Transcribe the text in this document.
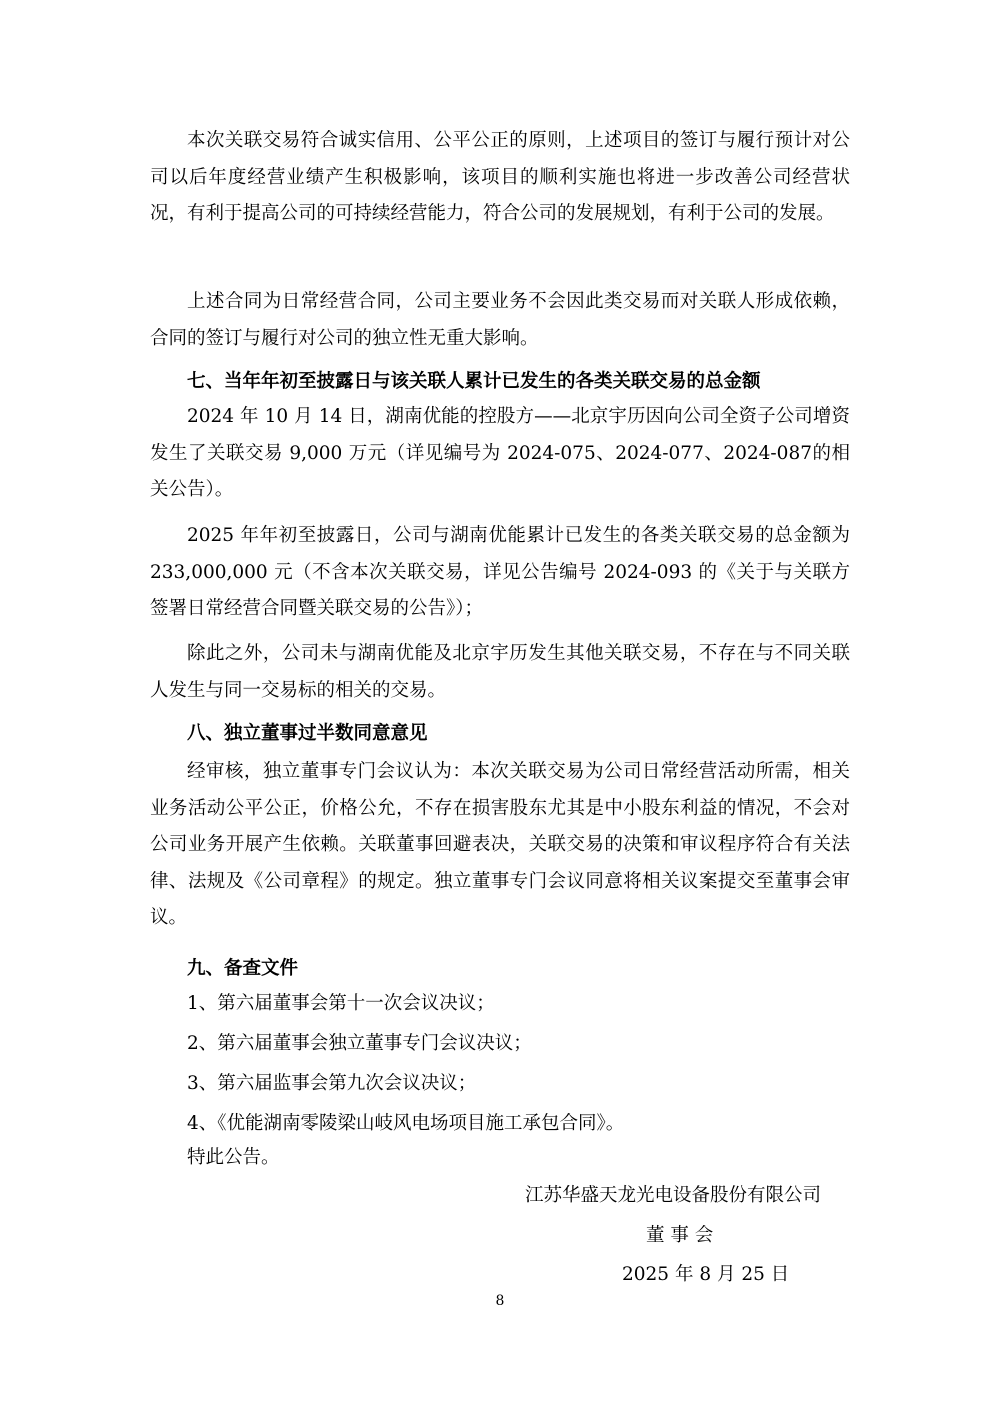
本次关联交易符合诚实信用、公平公正的原则，上述项目的签订与履行预计对公司以后年度经营业绩产生积极影响，该项目的顺利实施也将进一步改善公司经营状况，有利于提高公司的可持续经营能力，符合公司的发展规划，有利于公司的发展。

上述合同为日常经营合同，公司主要业务不会因此类交易而对关联人形成依赖，合同的签订与履行对公司的独立性无重大影响。

七、当年年初至披露日与该关联人累计已发生的各类关联交易的总金额

2024 年 10 月 14 日，湖南优能的控股方——北京宇历因向公司全资子公司增资发生了关联交易 9,000 万元（详见编号为 2024-075、2024-077、2024-087的相关公告）。

2025 年年初至披露日，公司与湖南优能累计已发生的各类关联交易的总金额为 233,000,000 元（不含本次关联交易，详见公告编号 2024-093 的《关于与关联方签署日常经营合同暨关联交易的公告》）；

除此之外，公司未与湖南优能及北京宇历发生其他关联交易，不存在与不同关联人发生与同一交易标的相关的交易。

八、独立董事过半数同意意见

经审核，独立董事专门会议认为：本次关联交易为公司日常经营活动所需，相关业务活动公平公正，价格公允，不存在损害股东尤其是中小股东利益的情况，不会对公司业务开展产生依赖。关联董事回避表决，关联交易的决策和审议程序符合有关法律、法规及《公司章程》的规定。独立董事专门会议同意将相关议案提交至董事会审议。

九、备查文件

1、第六届董事会第十一次会议决议；

2、第六届董事会独立董事专门会议决议；

3、第六届监事会第九次会议决议；

4、《优能湖南零陵梁山岐风电场项目施工承包合同》。

特此公告。

江苏华盛天龙光电设备股份有限公司

董 事 会

2025 年 8 月 25 日

8
